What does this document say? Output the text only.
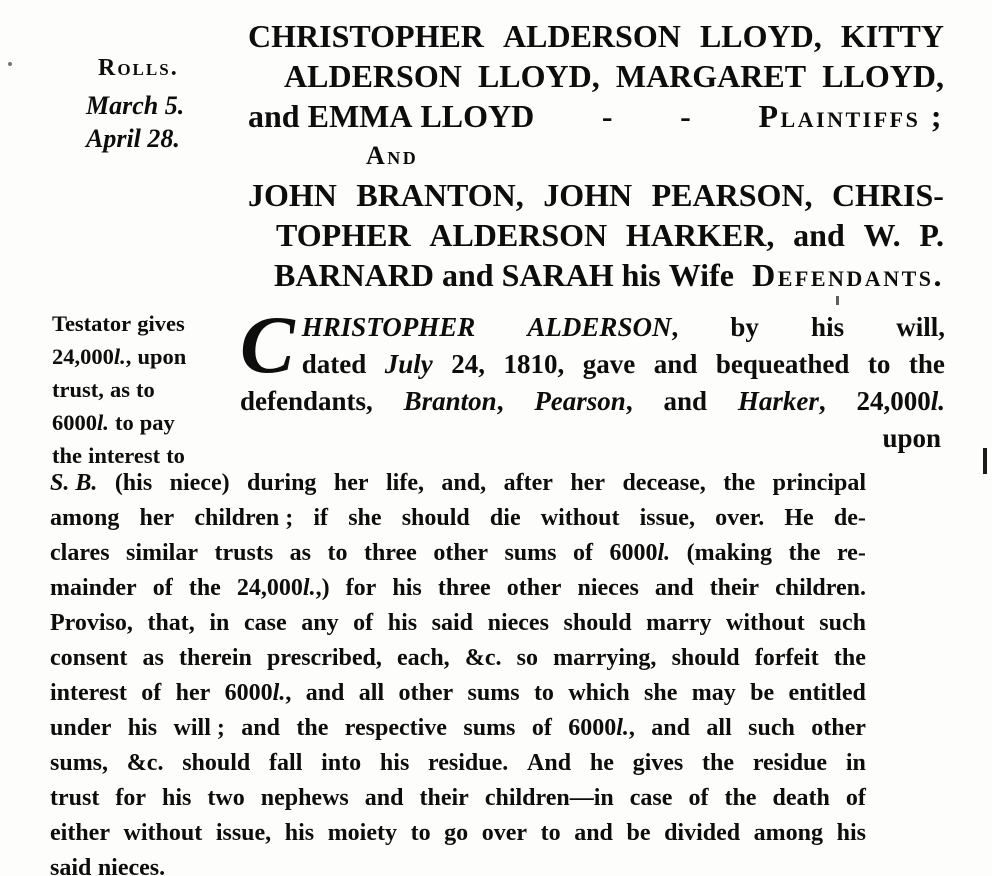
Rolls.
March 5.
April 28.
CHRISTOPHER ALDERSON LLOYD, KITTY
ALDERSON LLOYD, MARGARET LLOYD,
and EMMA LLOYD - - Plaintiffs ;
And
JOHN BRANTON, JOHN PEARSON, CHRIS-
TOPHER ALDERSON HARKER, and W. P.
BARNARD and SARAH his Wife Defendants.
Testator gives
24,000l., upon
trust, as to
6000l. to pay
the interest to
C HRISTOPHER ALDERSON, by his will,
dated July 24, 1810, gave and bequeathed to the
defendants, Branton, Pearson, and Harker, 24,000l.
upon
S. B. (his niece) during her life, and, after her decease, the principal
among her children ; if she should die without issue, over. He de-
clares similar trusts as to three other sums of 6000l. (making the re-
mainder of the 24,000l.,) for his three other nieces and their children.
Proviso, that, in case any of his said nieces should marry without such
consent as therein prescribed, each, &c. so marrying, should forfeit the
interest of her 6000l., and all other sums to which she may be entitled
under his will ; and the respective sums of 6000l., and all such other
sums, &c. should fall into his residue. And he gives the residue in
trust for his two nephews and their children—in case of the death of
either without issue, his moiety to go over to and be divided among his
said nieces.
